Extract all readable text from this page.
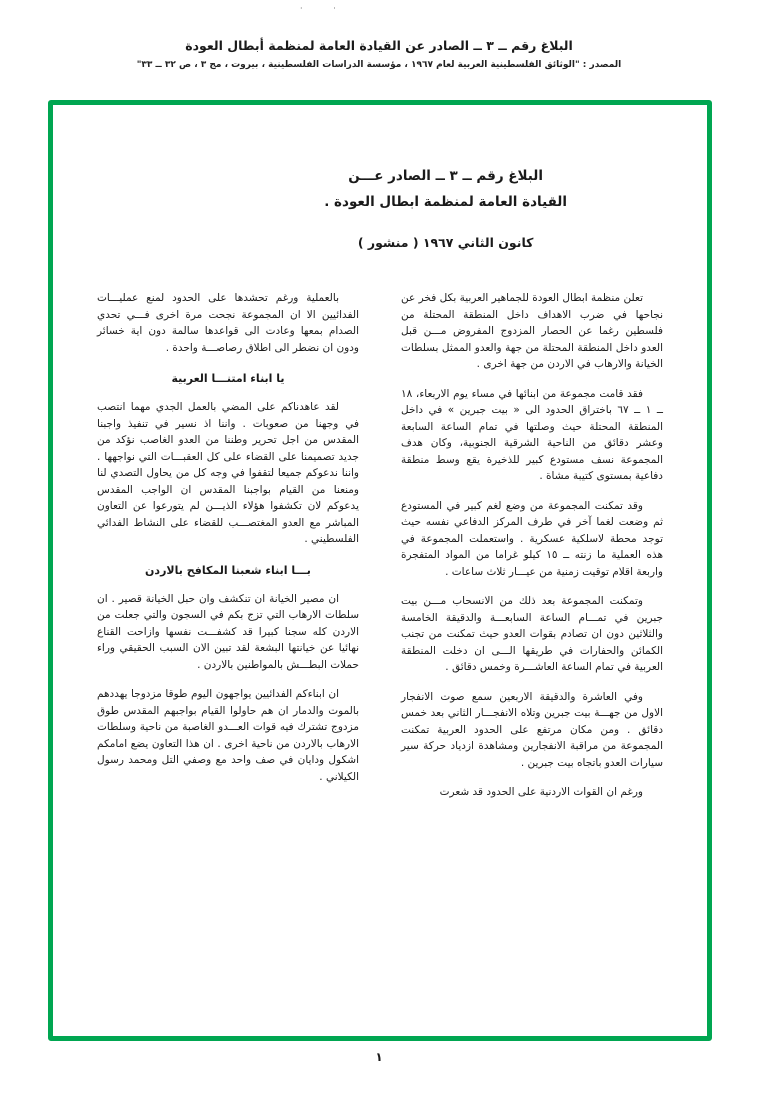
· ·
البلاغ رقم ــ ٣ ــ الصادر عن القيادة العامة لمنظمة أبطال العودة
المصدر : "الوثائق الفلسطينية العربية لعام ١٩٦٧ ، مؤسسة الدراسات الفلسطينية ، بيروت ، مج ٣ ، ص ٣٢ ــ ٣٣"
البلاغ رقم ــ ٣ ــ الصادر عـــن
القيادة العامة لمنظمة ابطال العودة .
كانون الثاني ١٩٦٧ ( منشور )

تعلن منظمة ابطال العودة للجماهير العربية بكل فخر عن نجاحها في ضرب الاهداف داخل المنطقة المحتلة من فلسطين رغما عن الحصار المزدوج المفروض مـــن قبل العدو داخل المنطقة المحتلة من جهة والعدو الممثل بسلطات الخيانة والارهاب في الاردن من جهة اخرى .

فقد قامت مجموعة من ابنائها في مساء يوم الاربعاء، ١٨ ــ ١ ــ ٦٧ باختراق الحدود الى « بيت جبرين » في داخل المنطقة المحتلة حيث وصلتها في تمام الساعة السابعة وعشر دقائق من الناحية الشرقية الجنوبية، وكان هدف المجموعة نسف مستودع كبير للذخيرة يقع وسط منطقة دفاعية بمستوى كتيبة مشاة .

وقد تمكنت المجموعة من وضع لغم كبير في المستودع ثم وضعت لغما آخر في طرف المركز الدفاعي نفسه حيث توجد محطة لاسلكية عسكرية . واستعملت المجموعة في هذه العملية ما زنته ــ ١٥ كيلو غراما من المواد المتفجرة واربعة اقلام توقيت زمنية من عيـــار ثلاث ساعات .

وتمكنت المجموعة بعد ذلك من الانسحاب مـــن بيت جبرين في تمـــام الساعة السابعـــة والدقيقة الخامسة والثلاثين دون ان تصادم بقوات العدو حيث تمكنت من تجنب الكمائن والحفارات في طريقها الـــى ان دخلت المنطقة العربية في تمام الساعة العاشـــرة وخمس دقائق .

وفي العاشرة والدقيقة الاربعين سمع صوت الانفجار الاول من جهـــة بيت جبرين وتلاه الانفجـــار الثاني بعد خمس دقائق . ومن مكان مرتفع على الحدود العربية تمكنت المجموعة من مراقبة الانفجارين ومشاهدة ازدياد حركة سير سيارات العدو باتجاه بيت جبرين .

ورغم ان القوات الاردنية على الحدود قد شعرت

بالعملية ورغم تحشدها على الحدود لمنع عمليـــات الفدائيين الا ان المجموعة نجحت مرة اخرى فـــي تحدي الصدام بمعها وعادت الى قواعدها سالمة دون اية خسائر ودون ان نضطر الى اطلاق رصاصـــة واحدة .

يا ابناء امتنـــا العربية

لقد عاهدناكم على المضي بالعمل الجدي مهما انتصب في وجهنا من صعوبات . واننا اذ نسير في تنفيذ واجبنا المقدس من اجل تحرير وطننا من العدو الغاصب نؤكد من جديد تصميمنا على القضاء على كل العقبـــات التي نواجهها . واننا ندعوكم جميعا لتقفوا في وجه كل من يحاول التصدي لنا ومنعنا من القيام بواجبنا المقدس ان الواجب المقدس يدعوكم لان تكشفوا هؤلاء الذيـــن لم يتورعوا عن التعاون المباشر مع العدو المغتصـــب للقضاء على النشاط الفدائي الفلسطيني .

بـــا ابناء شعبنا المكافح بالاردن

ان مصير الخيانة ان تنكشف وان حبل الخيانة قصير . ان سلطات الارهاب التي تزج بكم في السجون والتي جعلت من الاردن كله سجنا كبيرا قد كشفـــت نفسها وازاحت القناع نهائيا عن خيانتها البشعة لقد تبين الان السبب الحقيقي وراء حملات البطـــش بالمواطنين بالاردن .

ان ابناءكم الفدائيين يواجهون اليوم طوقا مزدوجا يهددهم بالموت والدمار ان هم حاولوا القيام بواجبهم المقدس طوق مزدوج تشترك فيه قوات العـــدو الغاصبة من ناحية وسلطات الارهاب بالاردن من ناحية اخرى . ان هذا التعاون يضع امامكم اشكول ودايان في صف واحد مع وصفي التل ومحمد رسول الكيلاني .

١
